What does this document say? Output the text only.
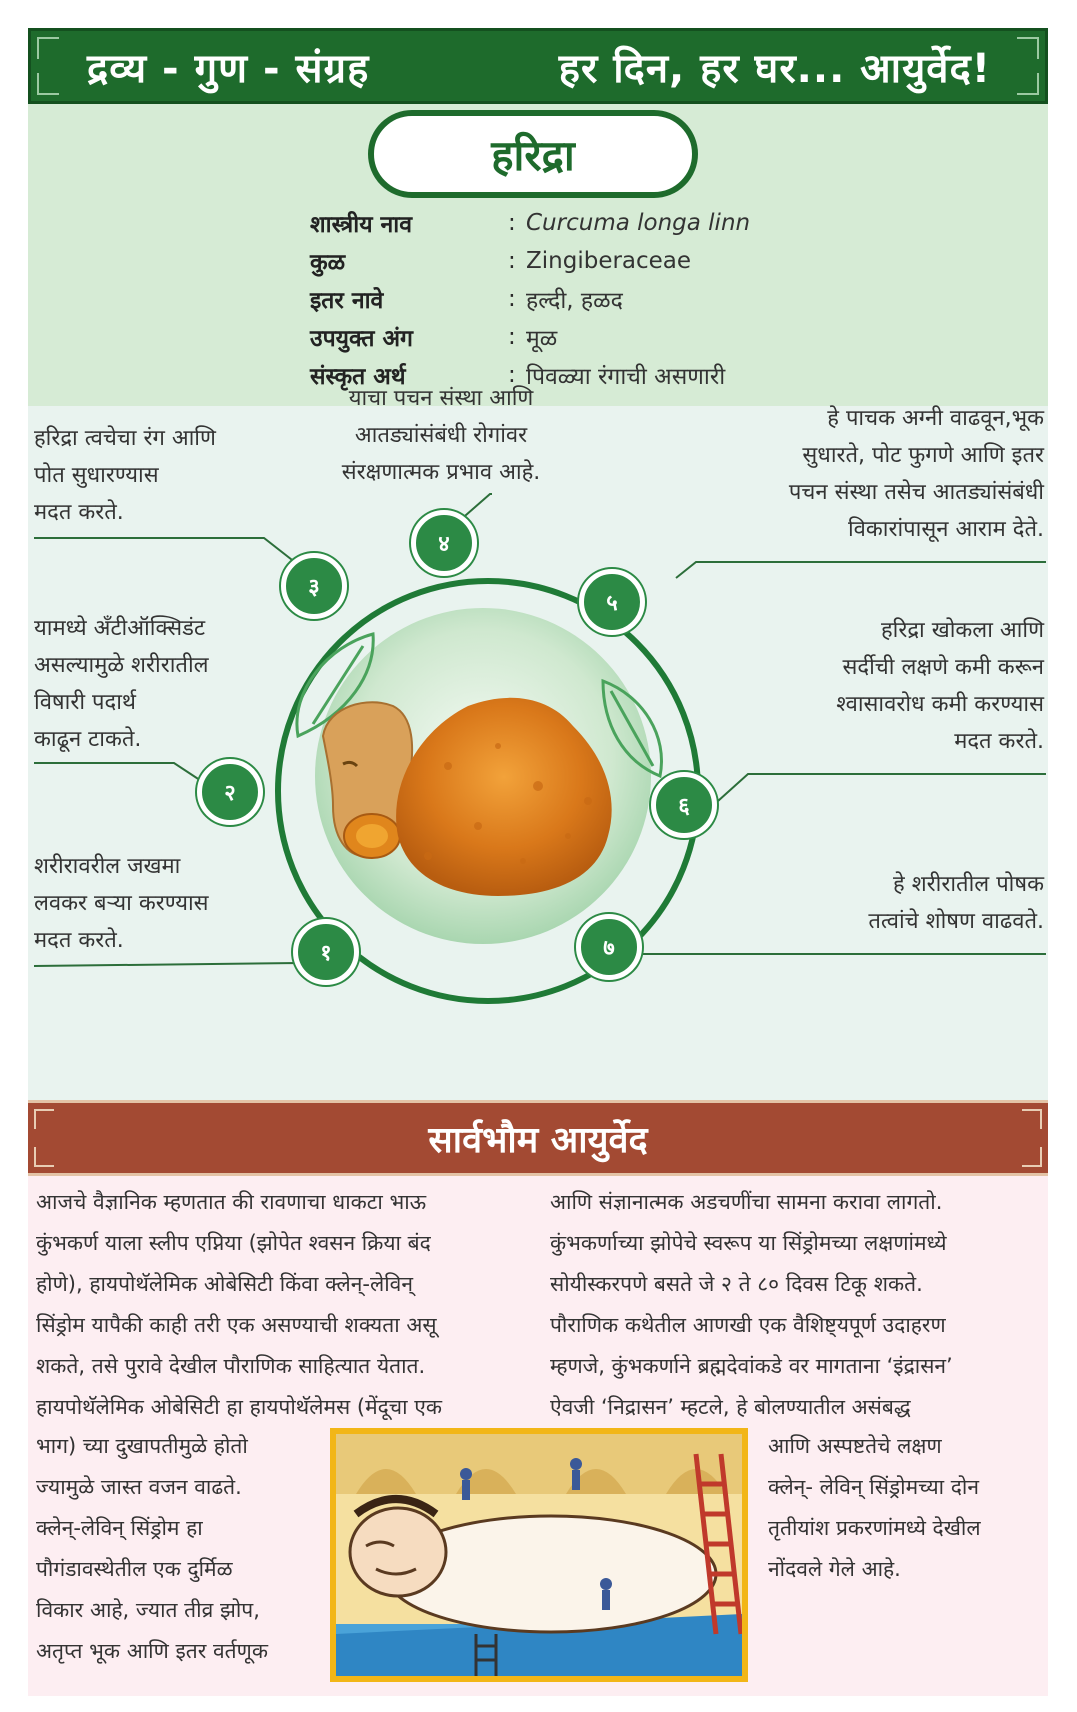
द्रव्य - गुण - संग्रह	हर दिन, हर घर... आयुर्वेद!
हरिद्रा
शास्त्रीय नाव	: Curcuma longa linn
कुळ	: Zingiberaceae
इतर नावे	: हल्दी, हळद
उपयुक्त अंग	: मूळ
संस्कृत अर्थ	: पिवळ्या रंगाची असणारी
१
२
३
४
५
६
७
शरीरावरील जखमा
लवकर बऱ्या करण्यास
मदत करते.
यामध्ये अँटीऑक्सिडंट
असल्यामुळे शरीरातील
विषारी पदार्थ
काढून टाकते.
हरिद्रा त्वचेचा रंग आणि
पोत सुधारण्यास
मदत करते.
याचा पचन संस्था आणि
आतड्यांसंबंधी रोगांवर
संरक्षणात्मक प्रभाव आहे.
हे पाचक अग्नी वाढवून,भूक
सुधारते, पोट फुगणे आणि इतर
पचन संस्था तसेच आतड्यांसंबंधी
विकारांपासून आराम देते.
हरिद्रा खोकला आणि
सर्दीची लक्षणे कमी करून
श्वासावरोध कमी करण्यास
मदत करते.
हे शरीरातील पोषक
तत्वांचे शोषण वाढवते.
सार्वभौम आयुर्वेद

आजचे वैज्ञानिक म्हणतात की रावणाचा धाकटा भाऊ

कुंभकर्ण याला स्लीप एप्निया (झोपेत श्वसन क्रिया बंद

होणे), हायपोथॅलेमिक ओबेसिटी किंवा क्लेन्-लेविन्

सिंड्रोम यापैकी काही तरी एक असण्याची शक्यता असू

शकते, तसे पुरावे देखील पौराणिक साहित्यात येतात.

हायपोथॅलेमिक ओबेसिटी हा हायपोथॅलेमस (मेंदूचा एक

भाग) च्या दुखापतीमुळे होतो

ज्यामुळे जास्त वजन वाढते.

क्लेन्-लेविन् सिंड्रोम हा

पौगंडावस्थेतील एक दुर्मिळ

विकार आहे, ज्यात तीव्र झोप,

अतृप्त भूक आणि इतर वर्तणूक

आणि संज्ञानात्मक अडचणींचा सामना करावा लागतो.

कुंभकर्णाच्या झोपेचे स्वरूप या सिंड्रोमच्या लक्षणांमध्ये

सोयीस्करपणे बसते जे २ ते ८० दिवस टिकू शकते.

पौराणिक कथेतील आणखी एक वैशिष्ट्यपूर्ण उदाहरण

म्हणजे, कुंभकर्णाने ब्रह्मदेवांकडे वर मागताना ‘इंद्रासन’

ऐवजी ‘निद्रासन’ म्हटले, हे बोलण्यातील असंबद्ध

आणि अस्पष्टतेचे लक्षण

क्लेन्- लेविन् सिंड्रोमच्या दोन

तृतीयांश प्रकरणांमध्ये देखील

नोंदवले गेले आहे.
